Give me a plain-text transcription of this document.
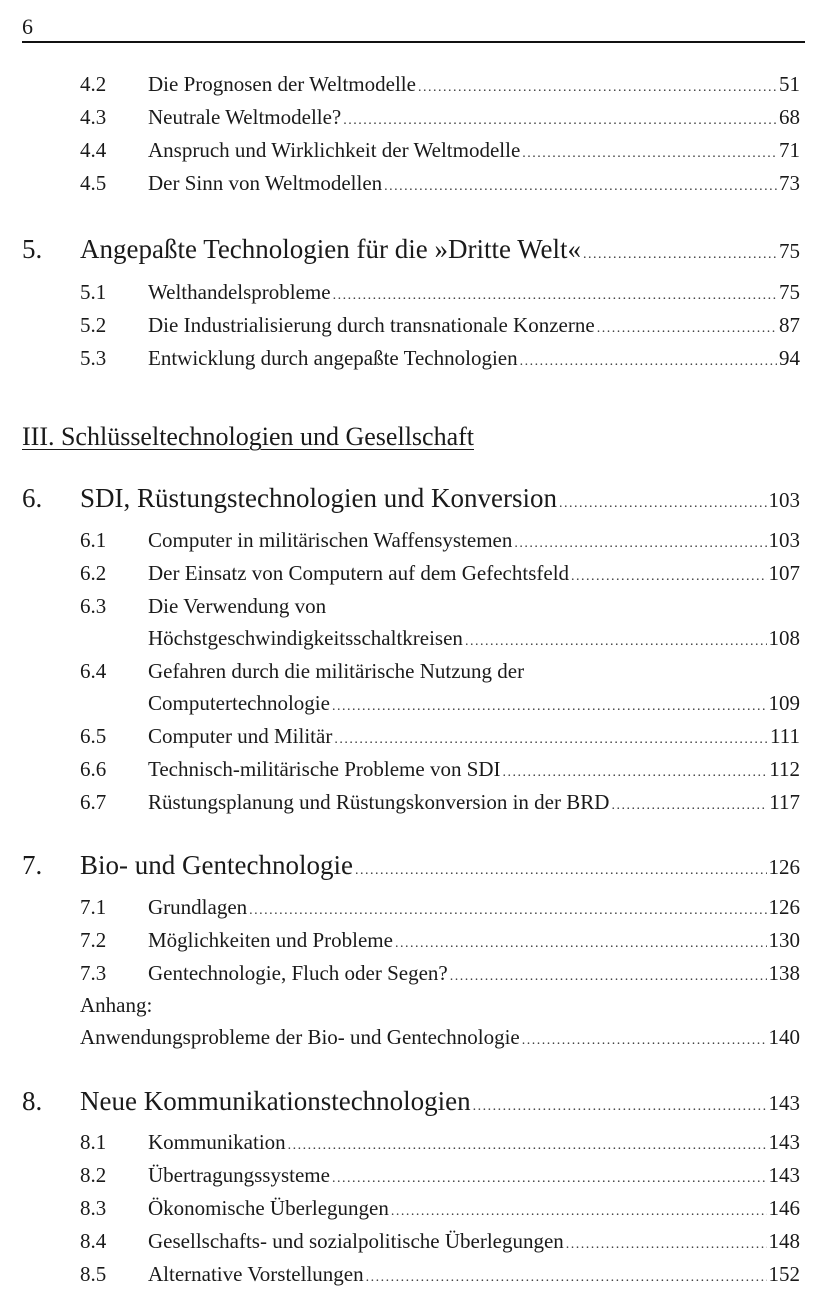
6
4.2 Die Prognosen der Weltmodelle .....	51
4.3 Neutrale Weltmodelle? .....	68
4.4 Anspruch und Wirklichkeit der Weltmodelle .....	71
4.5 Der Sinn von Weltmodellen .....	73
5. Angepaßte Technologien für die »Dritte Welt« .....	75
5.1 Welthandelsprobleme .....	75
5.2 Die Industrialisierung durch transnationale Konzerne .....	87
5.3 Entwicklung durch angepaßte Technologien .....	94
III. Schlüsseltechnologien und Gesellschaft
6. SDI, Rüstungstechnologien und Konversion .....	103
6.1 Computer in militärischen Waffensystemen .....	103
6.2 Der Einsatz von Computern auf dem Gefechtsfeld .....	107
6.3 Die Verwendung von
Höchstgeschwindigkeitsschaltkreisen .....	108
6.4 Gefahren durch die militärische Nutzung der
Computertechnologie .....	109
6.5 Computer und Militär .....	111
6.6 Technisch-militärische Probleme von SDI .....	112
6.7 Rüstungsplanung und Rüstungskonversion in der BRD .....	117
7. Bio- und Gentechnologie .....	126
7.1 Grundlagen .....	126
7.2 Möglichkeiten und Probleme .....	130
7.3 Gentechnologie, Fluch oder Segen? .....	138
Anhang:
Anwendungsprobleme der Bio- und Gentechnologie .....	140
8. Neue Kommunikationstechnologien .....	143
8.1 Kommunikation .....	143
8.2 Übertragungssysteme .....	143
8.3 Ökonomische Überlegungen .....	146
8.4 Gesellschafts- und sozialpolitische Überlegungen .....	148
8.5 Alternative Vorstellungen .....	152
